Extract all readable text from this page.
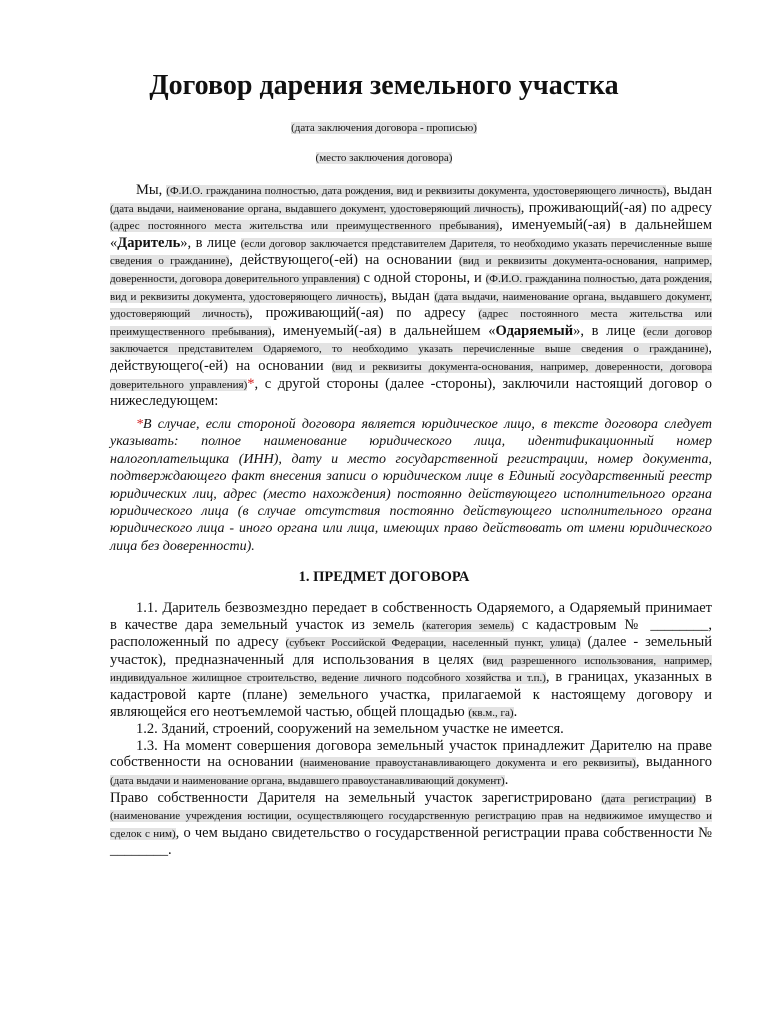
Договор дарения земельного участка

(дата заключения договора - прописью)

(место заключения договора)

Мы, (Ф.И.О. гражданина полностью, дата рождения, вид и реквизиты документа, удостоверяющего личность), выдан (дата выдачи, наименование органа, выдавшего документ, удостоверяющий личность), проживающий(-ая) по адресу (адрес постоянного места жительства или преимущественного пребывания), именуемый(-ая) в дальнейшем «Даритель», в лице (если договор заключается представителем Дарителя, то необходимо указать перечисленные выше сведения о гражданине), действующего(-ей) на основании (вид и реквизиты документа-основания, например, доверенности, договора доверительного управления) с одной стороны, и (Ф.И.О. гражданина полностью, дата рождения, вид и реквизиты документа, удостоверяющего личность), выдан (дата выдачи, наименование органа, выдавшего документ, удостоверяющий личность), проживающий(-ая) по адресу (адрес постоянного места жительства или преимущественного пребывания), именуемый(-ая) в дальнейшем «Одаряемый», в лице (если договор заключается представителем Одаряемого, то необходимо указать перечисленные выше сведения о гражданине), действующего(-ей) на основании (вид и реквизиты документа-основания, например, доверенности, договора доверительного управления)*, с другой стороны (далее -стороны), заключили настоящий договор о нижеследующем:

*В случае, если стороной договора является юридическое лицо, в тексте договора следует указывать: полное наименование юридического лица, идентификационный номер налогоплательщика (ИНН), дату и место государственной регистрации, номер документа, подтверждающего факт внесения записи о юридическом лице в Единый государственный реестр юридических лиц, адрес (место нахождения) постоянно действующего исполнительного органа юридического лица (в случае отсутствия постоянно действующего исполнительного органа юридического лица - иного органа или лица, имеющих право действовать от имени юридического лица без доверенности).

1. ПРЕДМЕТ ДОГОВОРА

1.1. Даритель безвозмездно передает в собственность Одаряемого, а Одаряемый принимает в качестве дара земельный участок из земель (категория земель) с кадастровым № ________, расположенный по адресу (субъект Российской Федерации, населенный пункт, улица) (далее - земельный участок), предназначенный для использования в целях (вид разрешенного использования, например, индивидуальное жилищное строительство, ведение личного подсобного хозяйства и т.п.), в границах, указанных в кадастровой карте (плане) земельного участка, прилагаемой к настоящему договору и являющейся его неотъемлемой частью, общей площадью (кв.м., га).

1.2. Зданий, строений, сооружений на земельном участке не имеется.

1.3. На момент совершения договора земельный участок принадлежит Дарителю на праве собственности на основании (наименование правоустанавливающего документа и его реквизиты), выданного (дата выдачи и наименование органа, выдавшего правоустанавливающий документ).

Право собственности Дарителя на земельный участок зарегистрировано (дата регистрации) в (наименование учреждения юстиции, осуществляющего государственную регистрацию прав на недвижимое имущество и сделок с ним), о чем выдано свидетельство о государственной регистрации права собственности № ________.
